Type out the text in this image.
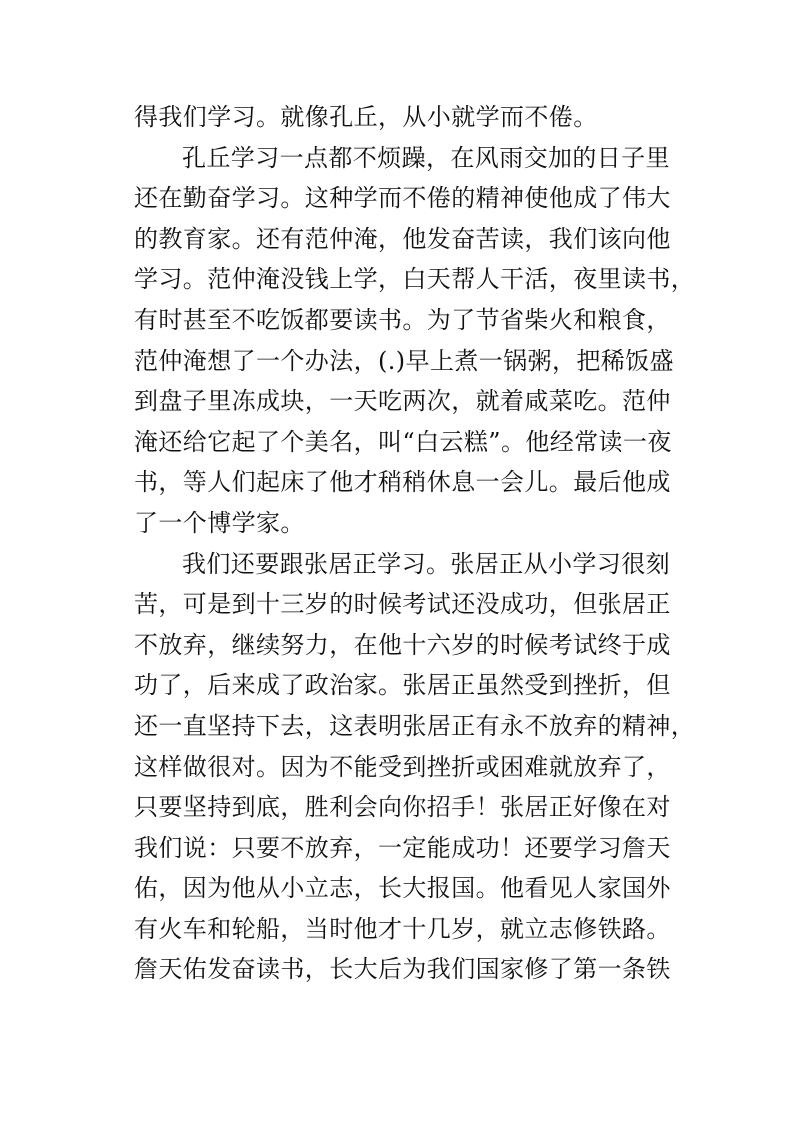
得我们学习。就像孔丘，从小就学而不倦。
孔丘学习一点都不烦躁，在风雨交加的日子里
还在勤奋学习。这种学而不倦的精神使他成了伟大
的教育家。还有范仲淹，他发奋苦读，我们该向他
学习。范仲淹没钱上学，白天帮人干活，夜里读书，
有时甚至不吃饭都要读书。为了节省柴火和粮食，
范仲淹想了一个办法，(.)早上煮一锅粥，把稀饭盛
到盘子里冻成块，一天吃两次，就着咸菜吃。范仲
淹还给它起了个美名，叫“白云糕”。他经常读一夜
书，等人们起床了他才稍稍休息一会儿。最后他成
了一个博学家。
我们还要跟张居正学习。张居正从小学习很刻
苦，可是到十三岁的时候考试还没成功，但张居正
不放弃，继续努力，在他十六岁的时候考试终于成
功了，后来成了政治家。张居正虽然受到挫折，但
还一直坚持下去，这表明张居正有永不放弃的精神，
这样做很对。因为不能受到挫折或困难就放弃了，
只要坚持到底，胜利会向你招手！张居正好像在对
我们说：只要不放弃，一定能成功！还要学习詹天
佑，因为他从小立志，长大报国。他看见人家国外
有火车和轮船，当时他才十几岁，就立志修铁路。
詹天佑发奋读书，长大后为我们国家修了第一条铁
